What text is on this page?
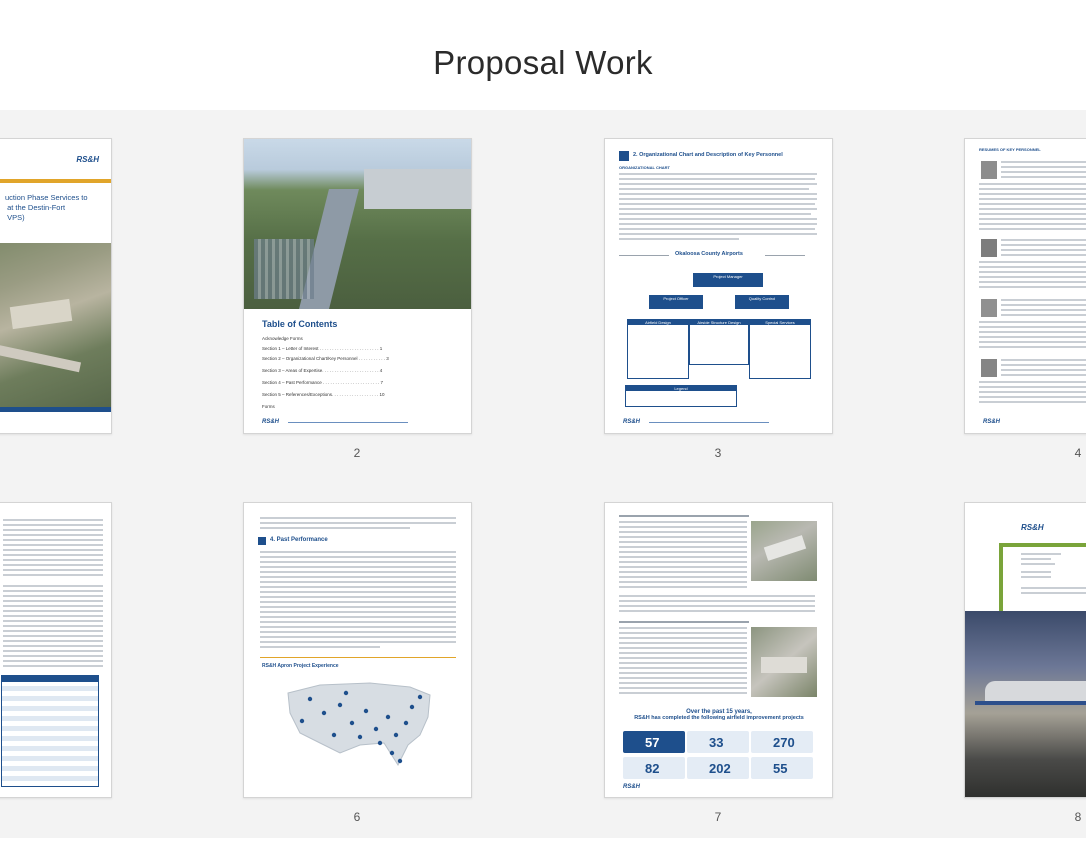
Proposal Work
RS&H
uction Phase Services to
at the Destin-Fort
VPS)
Table of Contents
Acknowledge Forms
Section 1 – Letter of Interest . . . . . . . . . . . . . . . . . . . . . . . . 1
Section 2 – Organizational Chart/Key Personnel . . . . . . . . . . . 3
Section 3 – Areas of Expertise. . . . . . . . . . . . . . . . . . . . . . . 4
Section 4 – Past Performance . . . . . . . . . . . . . . . . . . . . . . . 7
Section 5 – References/Exceptions. . . . . . . . . . . . . . . . . . . 10
Forms
RS&H
2
2. Organizational Chart and Description of Key Personnel
ORGANIZATIONAL CHART
Okaloosa County Airports
Project Manager
Project Officer	Quality Control
Airfield Design	Airside Structure Design	Special Services
Legend
RS&H
3
RESUMES OF KEY PERSONNEL
RS&H
4
4. Past Performance
RS&H Apron Project Experience
6
Over the past 15 years,
RS&H has completed the following airfield improvement projects
57	33	270
82	202	55
RS&H
7
RS&H
8
